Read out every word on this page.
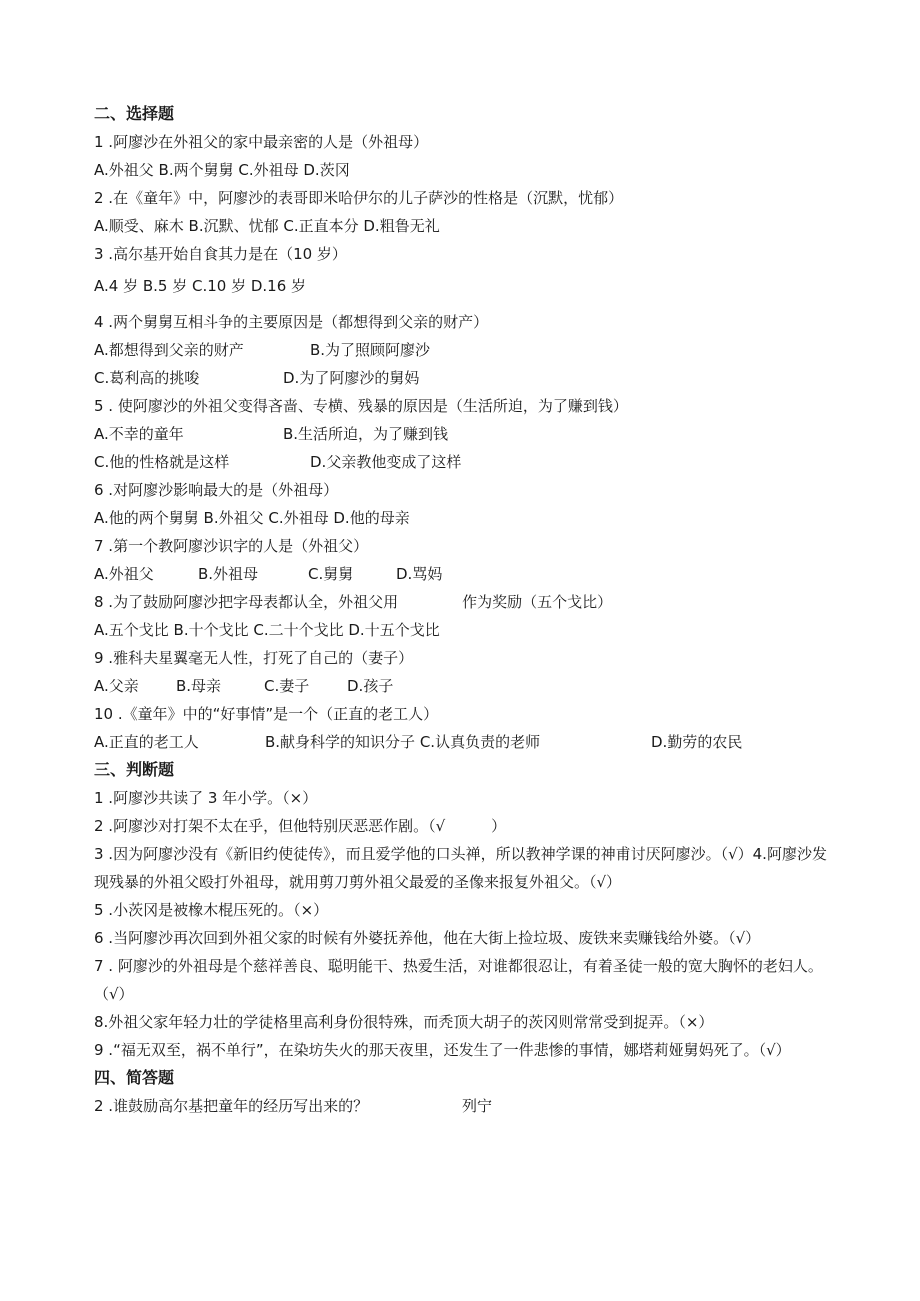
二、选择题
1 .阿廖沙在外祖父的家中最亲密的人是（外祖母）
A.外祖父 B.两个舅舅 C.外祖母 D.茨冈
2 .在《童年》中，阿廖沙的表哥即米哈伊尔的儿子萨沙的性格是（沉默，忧郁）
A.顺受、麻木 B.沉默、忧郁 C.正直本分 D.粗鲁无礼
3 .高尔基开始自食其力是在（10 岁）
A.4 岁 B.5 岁 C.10 岁 D.16 岁
4 .两个舅舅互相斗争的主要原因是（都想得到父亲的财产）
A.都想得到父亲的财产	B.为了照顾阿廖沙
C.葛利高的挑唆	D.为了阿廖沙的舅妈
5 . 使阿廖沙的外祖父变得吝啬、专横、残暴的原因是（生活所迫，为了赚到钱）
A.不幸的童年	B.生活所迫，为了赚到钱
C.他的性格就是这样	D.父亲教他变成了这样
6 .对阿廖沙影响最大的是（外祖母）
A.他的两个舅舅 B.外祖父 C.外祖母 D.他的母亲
7 .第一个教阿廖沙识字的人是（外祖父）
A.外祖父	B.外祖母	C.舅舅	D.骂妈
8 .为了鼓励阿廖沙把字母表都认全，外祖父用	作为奖励（五个戈比）
A.五个戈比 B.十个戈比 C.二十个戈比 D.十五个戈比
9 .雅科夫星翼毫无人性，打死了自己的（妻子）
A.父亲 B.母亲	C.妻子	D.孩子
10 .《童年》中的“好事情”是一个（正直的老工人）
A.正直的老工人	B.献身科学的知识分子 C.认真负责的老师	D.勤劳的农民
三、判断题
1 .阿廖沙共读了 3 年小学。（×）
2 .阿廖沙对打架不太在乎，但他特别厌恶恶作剧。（√	）
3 .因为阿廖沙没有《新旧约使徒传》，而且爱学他的口头禅，所以教神学课的神甫讨厌阿廖沙。（√）4.阿廖沙发现残暴的外祖父殴打外祖母，就用剪刀剪外祖父最爱的圣像来报复外祖父。（√）
5 .小茨冈是被橡木棍压死的。（×）
6 .当阿廖沙再次回到外祖父家的时候有外婆抚养他，他在大街上捡垃圾、废铁来卖赚钱给外婆。（√）
7 . 阿廖沙的外祖母是个慈祥善良、聪明能干、热爱生活，对谁都很忍让，有着圣徒一般的宽大胸怀的老妇人。（√）
8.外祖父家年轻力壮的学徒格里高利身份很特殊，而秃顶大胡子的茨冈则常常受到捉弄。（×）
9 .“福无双至，祸不单行”，在染坊失火的那天夜里，还发生了一件悲惨的事情，娜塔莉娅舅妈死了。（√）
四、简答题
2 .谁鼓励高尔基把童年的经历写出来的？	列宁
